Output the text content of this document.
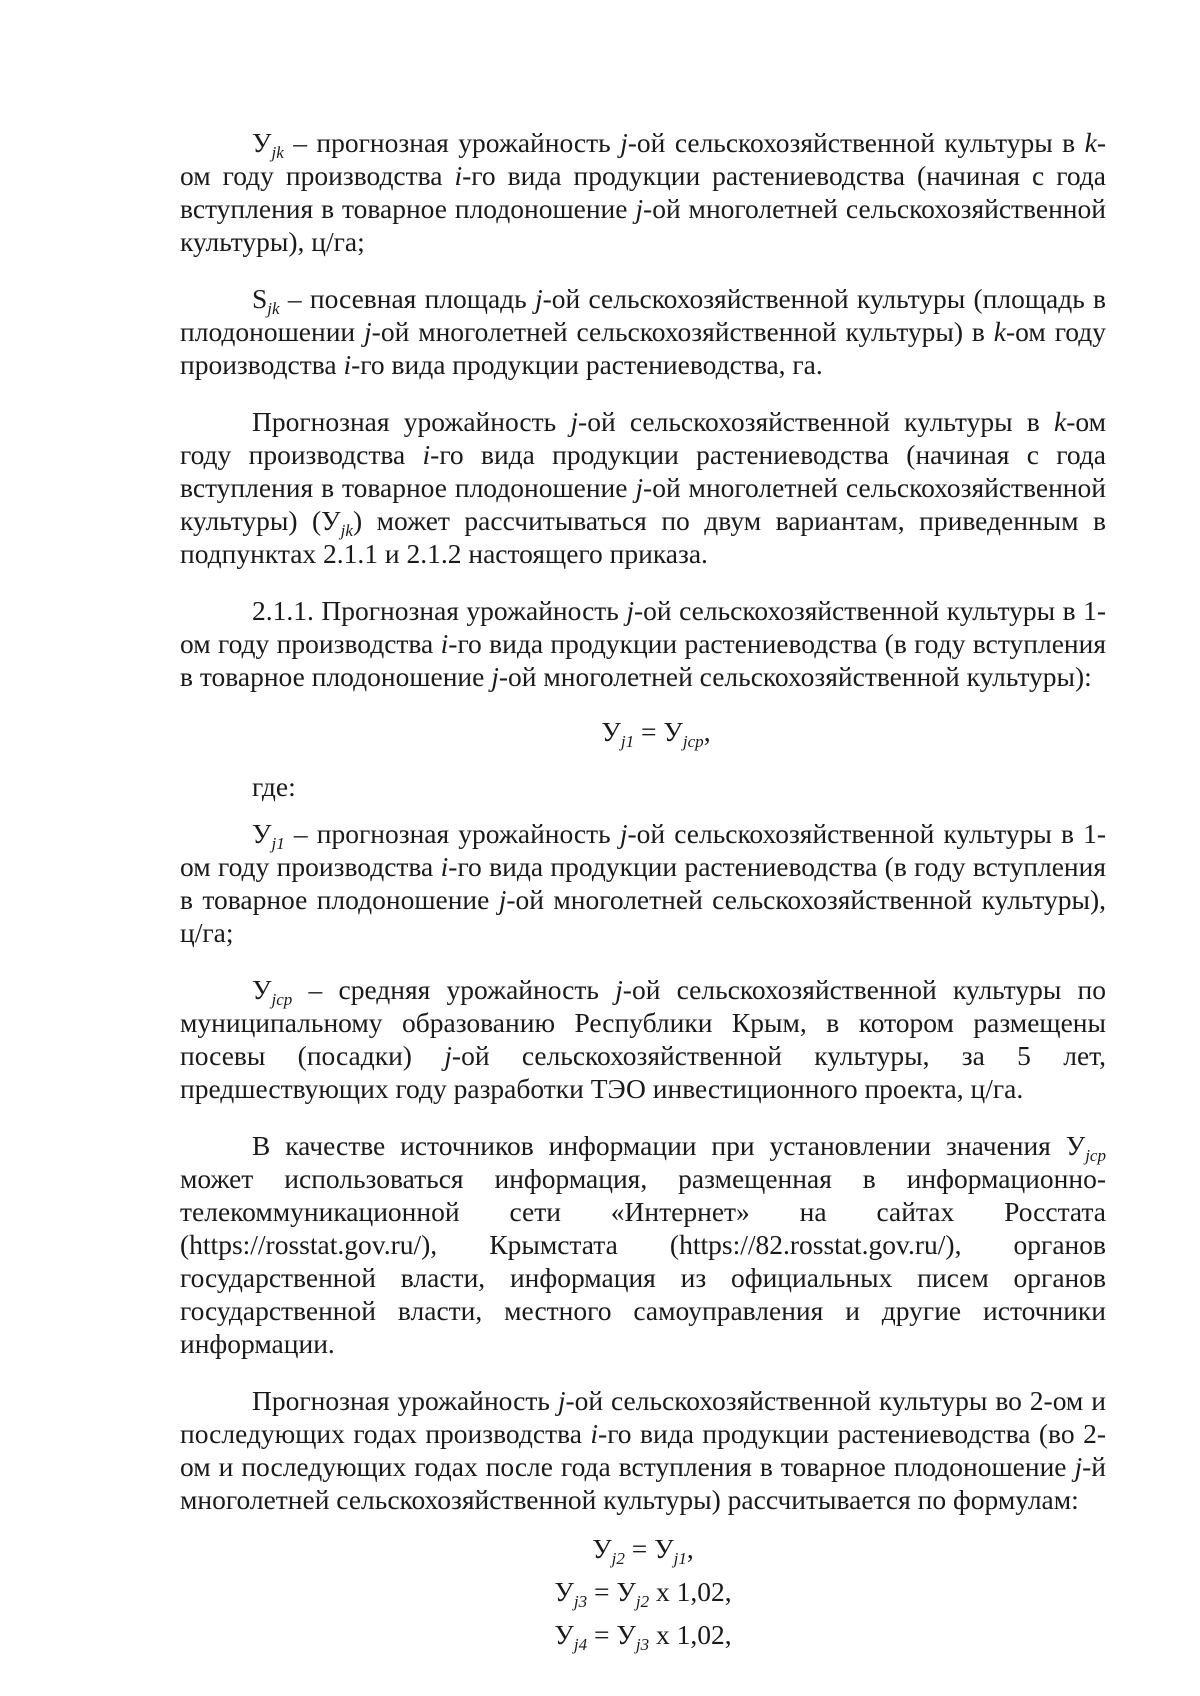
$У_{jk}$ – прогнозная урожайность j-ой сельскохозяйственной культуры в k-ом году производства i-го вида продукции растениеводства (начиная с года вступления в товарное плодоношение j-ой многолетней сельскохозяйственной культуры), ц/га;

$S_{jk}$ – посевная площадь j-ой сельскохозяйственной культуры (площадь в плодоношении j-ой многолетней сельскохозяйственной культуры) в k-ом году производства i-го вида продукции растениеводства, га.

Прогнозная урожайность j-ой сельскохозяйственной культуры в k-ом году производства i-го вида продукции растениеводства (начиная с года вступления в товарное плодоношение j-ой многолетней сельскохозяйственной культуры) $(У_{jk})$ может рассчитываться по двум вариантам, приведенным в подпунктах 2.1.1 и 2.1.2 настоящего приказа.

2.1.1. Прогнозная урожайность j-ой сельскохозяйственной культуры в 1-ом году производства i-го вида продукции растениеводства (в году вступления в товарное плодоношение j-ой многолетней сельскохозяйственной культуры):

$У_{j1} = У_{jср}$,

где:

$У_{j1}$ – прогнозная урожайность j-ой сельскохозяйственной культуры в 1-ом году производства i-го вида продукции растениеводства (в году вступления в товарное плодоношение j-ой многолетней сельскохозяйственной культуры), ц/га;

$У_{jср}$ – средняя урожайность j-ой сельскохозяйственной культуры по муниципальному образованию Республики Крым, в котором размещены посевы (посадки) j-ой сельскохозяйственной культуры, за 5 лет, предшествующих году разработки ТЭО инвестиционного проекта, ц/га.

В качестве источников информации при установлении значения $У_{jср}$ может использоваться информация, размещенная в информационно-телекоммуникационной сети «Интернет» на сайтах Росстата (https://rosstat.gov.ru/), Крымстата (https://82.rosstat.gov.ru/), органов государственной власти, информация из официальных писем органов государственной власти, местного самоуправления и другие источники информации.

Прогнозная урожайность j-ой сельскохозяйственной культуры во 2-ом и последующих годах производства i-го вида продукции растениеводства (во 2-ом и последующих годах после года вступления в товарное плодоношение j-й многолетней сельскохозяйственной культуры) рассчитывается по формулам:

$У_{j2} = У_{j1}$,

$У_{j3} = У_{j2}$ х 1,02,

$У_{j4} = У_{j3}$ х 1,02,
